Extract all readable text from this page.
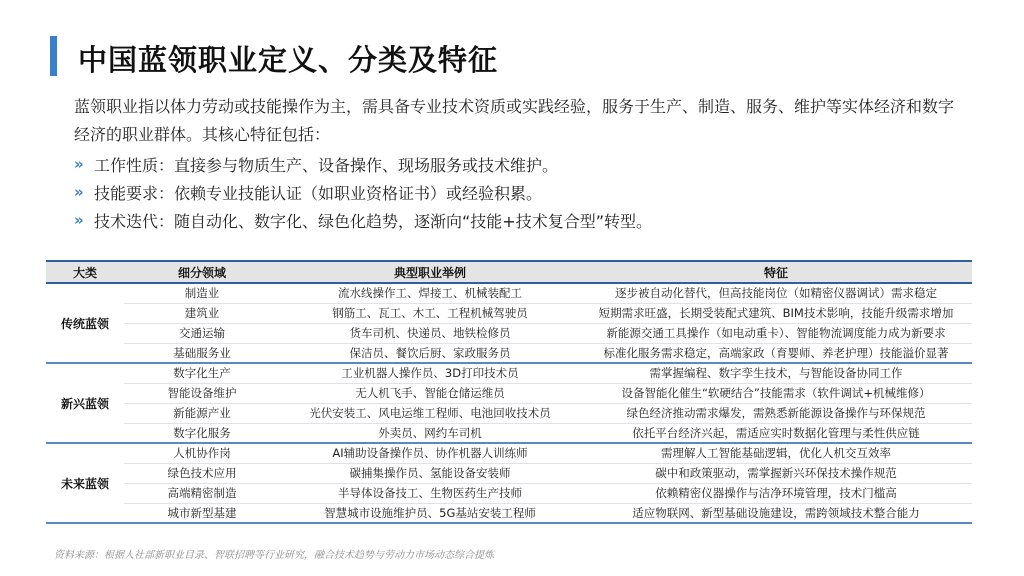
中国蓝领职业定义、分类及特征

蓝领职业指以体力劳动或技能操作为主，需具备专业技术资质或实践经验，服务于生产、制造、服务、维护等实体经济和数字经济的职业群体。其核心特征包括：

» 工作性质：直接参与物质生产、设备操作、现场服务或技术维护。
» 技能要求：依赖专业技能认证（如职业资格证书）或经验积累。
» 技术迭代：随自动化、数字化、绿色化趋势，逐渐向“技能+技术复合型”转型。
大类	细分领域	典型职业举例	特征
传统蓝领	制造业	流水线操作工、焊接工、机械装配工	逐步被自动化替代，但高技能岗位（如精密仪器调试）需求稳定
	建筑业	钢筋工、瓦工、木工、工程机械驾驶员	短期需求旺盛，长期受装配式建筑、BIM技术影响，技能升级需求增加
	交通运输	货车司机、快递员、地铁检修员	新能源交通工具操作（如电动重卡）、智能物流调度能力成为新要求
	基础服务业	保洁员、餐饮后厨、家政服务员	标准化服务需求稳定，高端家政（育婴师、养老护理）技能溢价显著
新兴蓝领	数字化生产	工业机器人操作员、3D打印技术员	需掌握编程、数字孪生技术，与智能设备协同工作
	智能设备维护	无人机飞手、智能仓储运维员	设备智能化催生“软硬结合”技能需求（软件调试+机械维修）
	新能源产业	光伏安装工、风电运维工程师、电池回收技术员	绿色经济推动需求爆发，需熟悉新能源设备操作与环保规范
	数字化服务	外卖员、网约车司机	依托平台经济兴起，需适应实时数据化管理与柔性供应链
未来蓝领	人机协作岗	AI辅助设备操作员、协作机器人训练师	需理解人工智能基础逻辑，优化人机交互效率
	绿色技术应用	碳捕集操作员、氢能设备安装师	碳中和政策驱动，需掌握新兴环保技术操作规范
	高端精密制造	半导体设备技工、生物医药生产技师	依赖精密仪器操作与洁净环境管理，技术门槛高
	城市新型基建	智慧城市设施维护员、5G基站安装工程师	适应物联网、新型基础设施建设，需跨领域技术整合能力
资料来源：根据人社部新职业目录、智联招聘等行业研究，融合技术趋势与劳动力市场动态综合提炼
